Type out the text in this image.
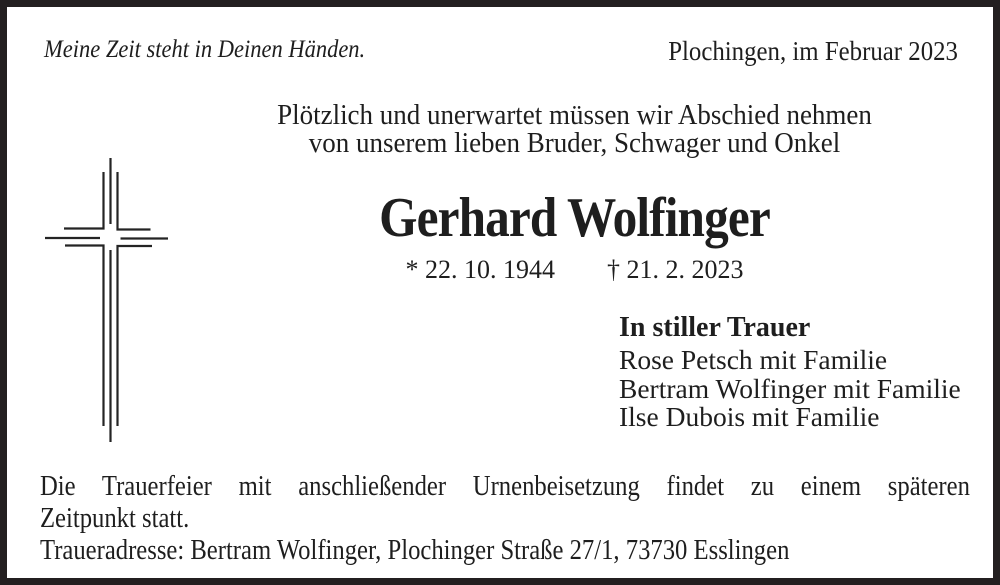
Meine Zeit steht in Deinen Händen.	Plochingen, im Februar 2023
Plötzlich und unerwartet müssen wir Abschied nehmen
von unserem lieben Bruder, Schwager und Onkel
Gerhard Wolfinger
* 22. 10. 1944 † 21. 2. 2023
In stiller Trauer
Rose Petsch mit Familie
Bertram Wolfinger mit Familie
Ilse Dubois mit Familie
Die Trauerfeier mit anschließender Urnenbeisetzung findet zu einem späteren
Zeitpunkt statt.
Traueradresse: Bertram Wolfinger, Plochinger Straße 27/1, 73730 Esslingen
